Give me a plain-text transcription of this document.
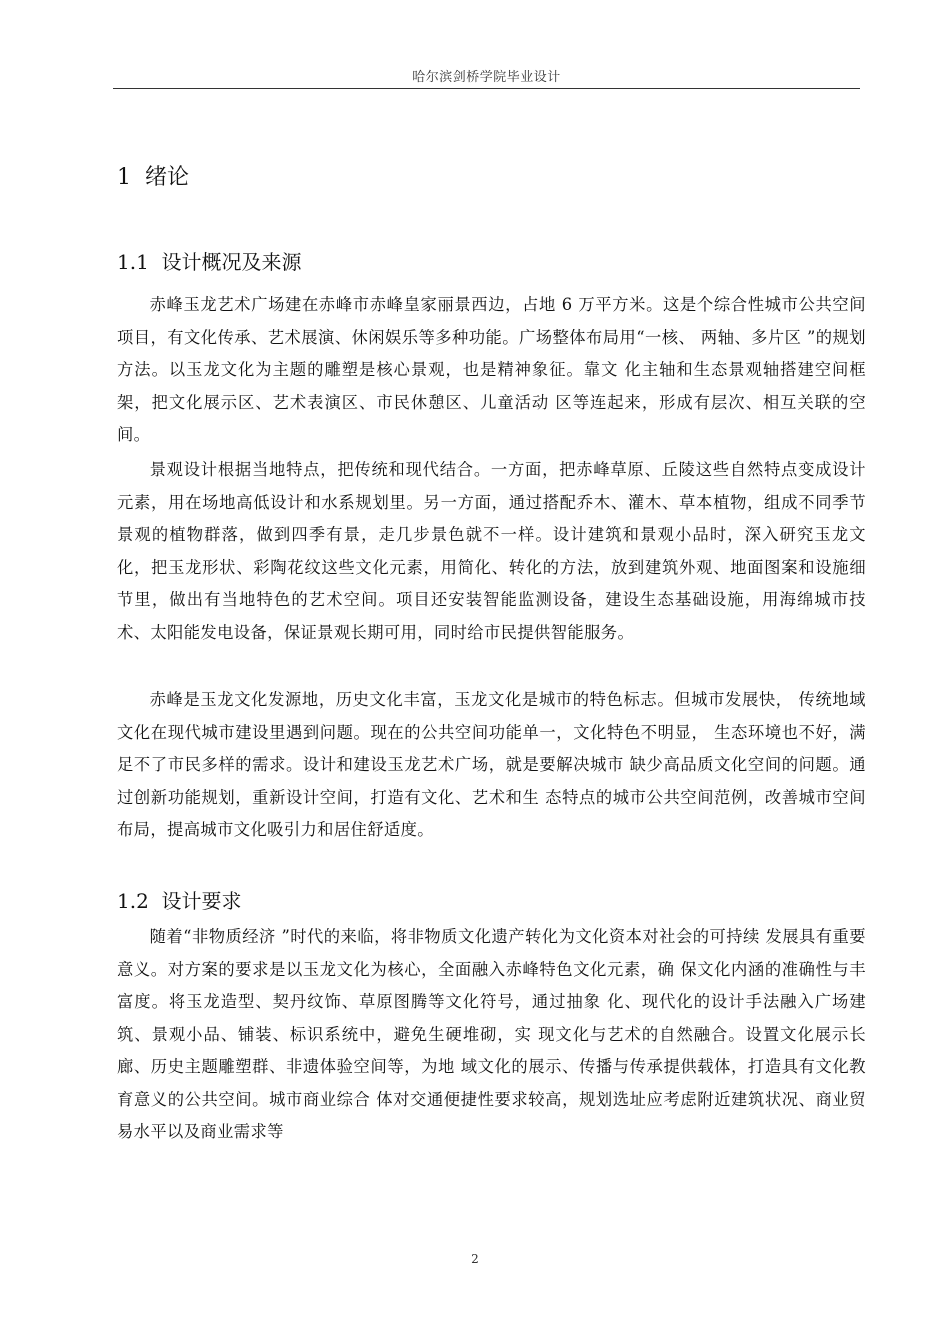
哈尔滨剑桥学院毕业设计
1  绪论
1.1  设计概况及来源

赤峰玉龙艺术广场建在赤峰市赤峰皇家丽景西边，占地 6 万平方米。这是个综合性城市公共空间项目，有文化传承、艺术展演、休闲娱乐等多种功能。广场整体布局用“一核、 两轴、多片区 ”的规划方法。以玉龙文化为主题的雕塑是核心景观，也是精神象征。靠文 化主轴和生态景观轴搭建空间框架，把文化展示区、艺术表演区、市民休憩区、儿童活动 区等连起来，形成有层次、相互关联的空间。

景观设计根据当地特点，把传统和现代结合。一方面，把赤峰草原、丘陵这些自然特点变成设计元素，用在场地高低设计和水系规划里。另一方面，通过搭配乔木、灌木、草本植物，组成不同季节景观的植物群落，做到四季有景，走几步景色就不一样。设计建筑和景观小品时，深入研究玉龙文化，把玉龙形状、彩陶花纹这些文化元素，用简化、转化的方法，放到建筑外观、地面图案和设施细节里，做出有当地特色的艺术空间。项目还安装智能监测设备，建设生态基础设施，用海绵城市技术、太阳能发电设备，保证景观长期可用，同时给市民提供智能服务。

赤峰是玉龙文化发源地，历史文化丰富，玉龙文化是城市的特色标志。但城市发展快， 传统地域文化在现代城市建设里遇到问题。现在的公共空间功能单一，文化特色不明显， 生态环境也不好，满足不了市民多样的需求。设计和建设玉龙艺术广场，就是要解决城市 缺少高品质文化空间的问题。通过创新功能规划，重新设计空间，打造有文化、艺术和生 态特点的城市公共空间范例，改善城市空间布局，提高城市文化吸引力和居住舒适度。

1.2  设计要求

随着“非物质经济 ”时代的来临，将非物质文化遗产转化为文化资本对社会的可持续 发展具有重要意义。对方案的要求是以玉龙文化为核心，全面融入赤峰特色文化元素，确 保文化内涵的准确性与丰富度。将玉龙造型、契丹纹饰、草原图腾等文化符号，通过抽象 化、现代化的设计手法融入广场建筑、景观小品、铺装、标识系统中，避免生硬堆砌，实 现文化与艺术的自然融合。设置文化展示长廊、历史主题雕塑群、非遗体验空间等，为地 域文化的展示、传播与传承提供载体，打造具有文化教育意义的公共空间。城市商业综合 体对交通便捷性要求较高，规划选址应考虑附近建筑状况、商业贸易水平以及商业需求等

2
